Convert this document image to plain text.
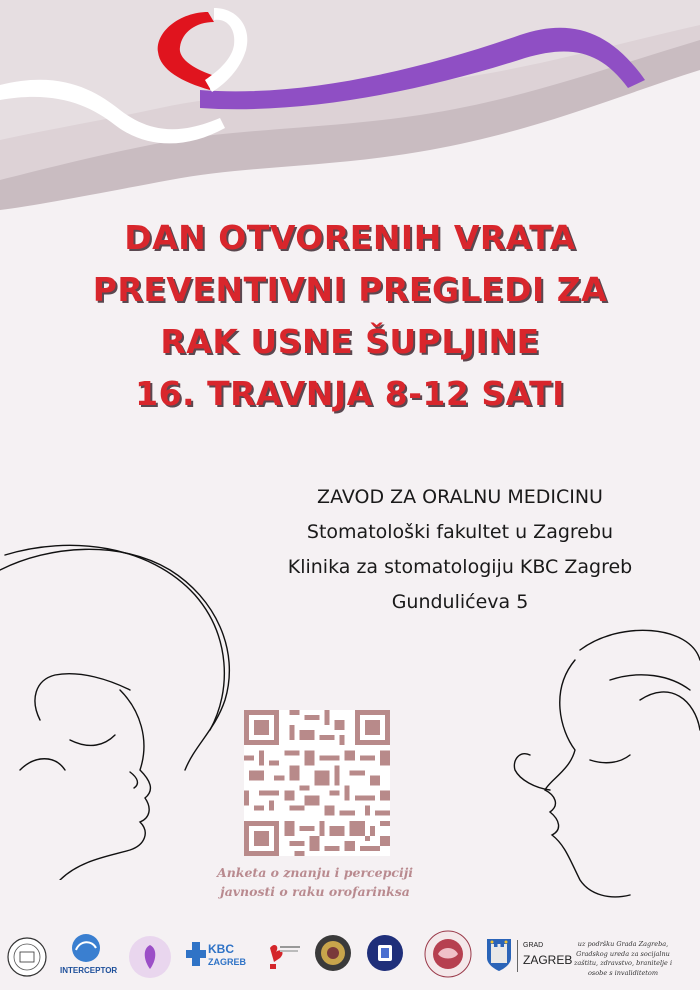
DAN OTVORENIH VRATA
PREVENTIVNI PREGLEDI ZA
RAK USNE ŠUPLJINE
16. TRAVNJA 8-12 SATI
ZAVOD ZA ORALNU MEDICINU
Stomatološki fakultet u Zagrebu
Klinika za stomatologiju KBC Zagreb
Gundulićeva 5
Anketa o znanju i percepciji
javnosti o raku orofarinksa
INTERCEPTOR
KBC
ZAGREB
GRAD
ZAGREB
uz podršku Grada Zagreba,
Gradskog ureda za socijalnu
zaštitu, zdravstvo, branitelje i
osobe s invaliditetom
